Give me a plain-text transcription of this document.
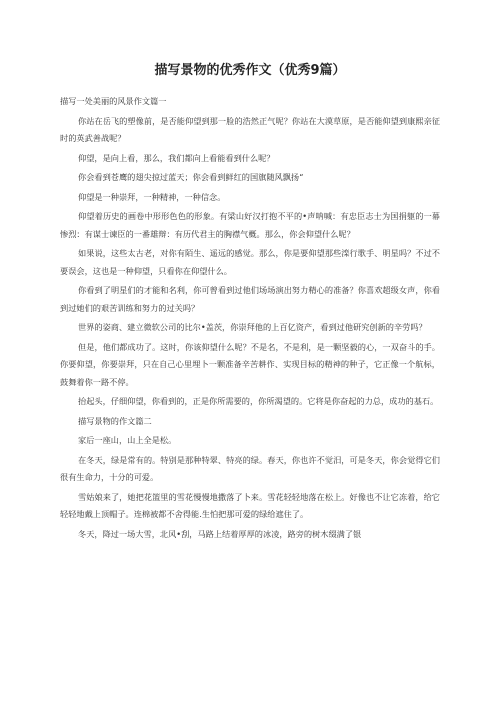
描写景物的优秀作文（优秀9篇）

描写一处美丽的风景作文篇一

你站在岳飞的塑像前，是否能仰望到那一脸的浩然正气呢？你站在大漠草原，是否能仰望到康熙亲征时的英武善战呢？

仰望，是向上看，那么，我们都向上看能看到什么呢？

你会看到苍鹰的翅尖掠过蓝天；你会看到鲜红的国旗随风飘扬“

仰望是一种崇拜，一种精神，一种信念。

仰望着历史的画卷中形形色色的形象。有梁山好汉打抱不平的•声呐喊：有忠臣志士为国捐躯的一幕惨烈：有谋士谏臣的一番雄辩：有历代君主的胸襟气概。那么，你会仰望什么呢？

如果说，这些太古老，对你有陌生、遥远的感觉。那么，你是要仰望那些滦行歌手、明星吗？不过不要误会，这也是一种仰望，只看你在仰望什么。

你看到了明星们的才能和名利，你可曾看到过他们场场演出努力精心的准备？你喜欢超级女声，你看到过她们的艰苦训练和努力的过关吗？

世界的姿商、建立微软公司的比尔•盖茨，你崇拜他的上百亿资产，看到过他研究创新的辛劳吗？

但是，他们都成功了。这时，你该仰望什么呢？不是名，不是利，是一颗坚毅的心，一双奋斗的手。你要仰望，你要崇拜，只在自己心里埋卜一颗准备辛苦耕作、实现目标的精神的种子，它正像一个航标，鼓舞着你一路不停。

抬起头，仔细仰望，你看到的，正是你所需要的，你所渴望的。它将是你奋起的力总，成功的基石。

描写景物的作文篇二

家后一座山，山上全是松。

在冬天，绿是常有的。特别是那种特翠、特亮的绿。春天，你也许不觉汨，可是冬天，你会觉得它们很有生命力，十分的可爱。

雪姑娘来了，她把花篮里的雪花慢慢地撒落了卜来。雪花轻轻地落在松上。好像也不让它冻着，给它轻轻地戴上顶帽子。连棉被都不舍得能.生怕把那可爱的绿给遮住了。

冬天，降过一场大雪，北风•刮，马路上结着厚厚的冰凌，路旁的树木缀满了银
